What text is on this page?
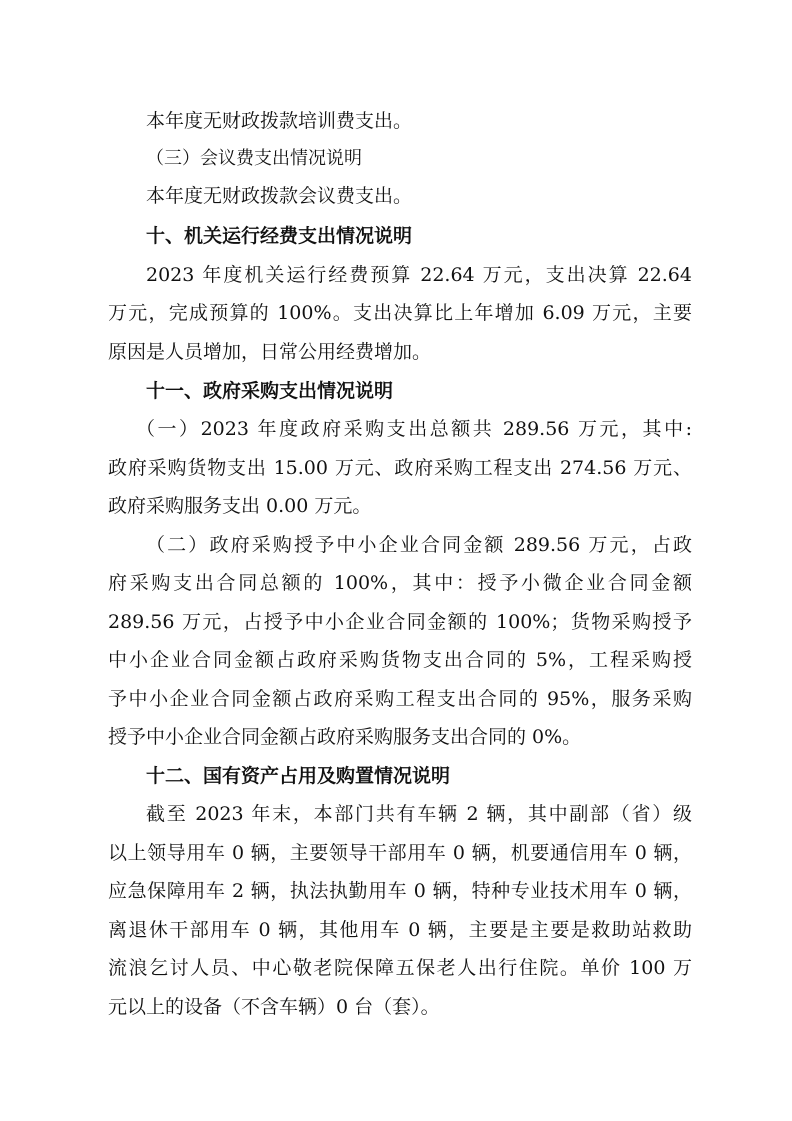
本年度无财政拨款培训费支出。
（三）会议费支出情况说明
本年度无财政拨款会议费支出。
十、机关运行经费支出情况说明
2023 年度机关运行经费预算 22.64 万元，支出决算 22.64
万元，完成预算的 100%。支出决算比上年增加 6.09 万元，主要
原因是人员增加，日常公用经费增加。
十一、政府采购支出情况说明
（一）2023 年度政府采购支出总额共 289.56 万元，其中:
政府采购货物支出 15.00 万元、政府采购工程支出 274.56 万元、
政府采购服务支出 0.00 万元。
（二）政府采购授予中小企业合同金额 289.56 万元，占政
府采购支出合同总额的 100%，其中：授予小微企业合同金额
289.56 万元，占授予中小企业合同金额的 100%；货物采购授予
中小企业合同金额占政府采购货物支出合同的 5%，工程采购授
予中小企业合同金额占政府采购工程支出合同的 95%，服务采购
授予中小企业合同金额占政府采购服务支出合同的 0%。
十二、国有资产占用及购置情况说明
截至 2023 年末，本部门共有车辆 2 辆，其中副部（省）级
以上领导用车 0 辆，主要领导干部用车 0 辆，机要通信用车 0 辆，
应急保障用车 2 辆，执法执勤用车 0 辆，特种专业技术用车 0 辆，
离退休干部用车 0 辆，其他用车 0 辆，主要是主要是救助站救助
流浪乞讨人员、中心敬老院保障五保老人出行住院。单价 100 万
元以上的设备（不含车辆）0 台（套）。
